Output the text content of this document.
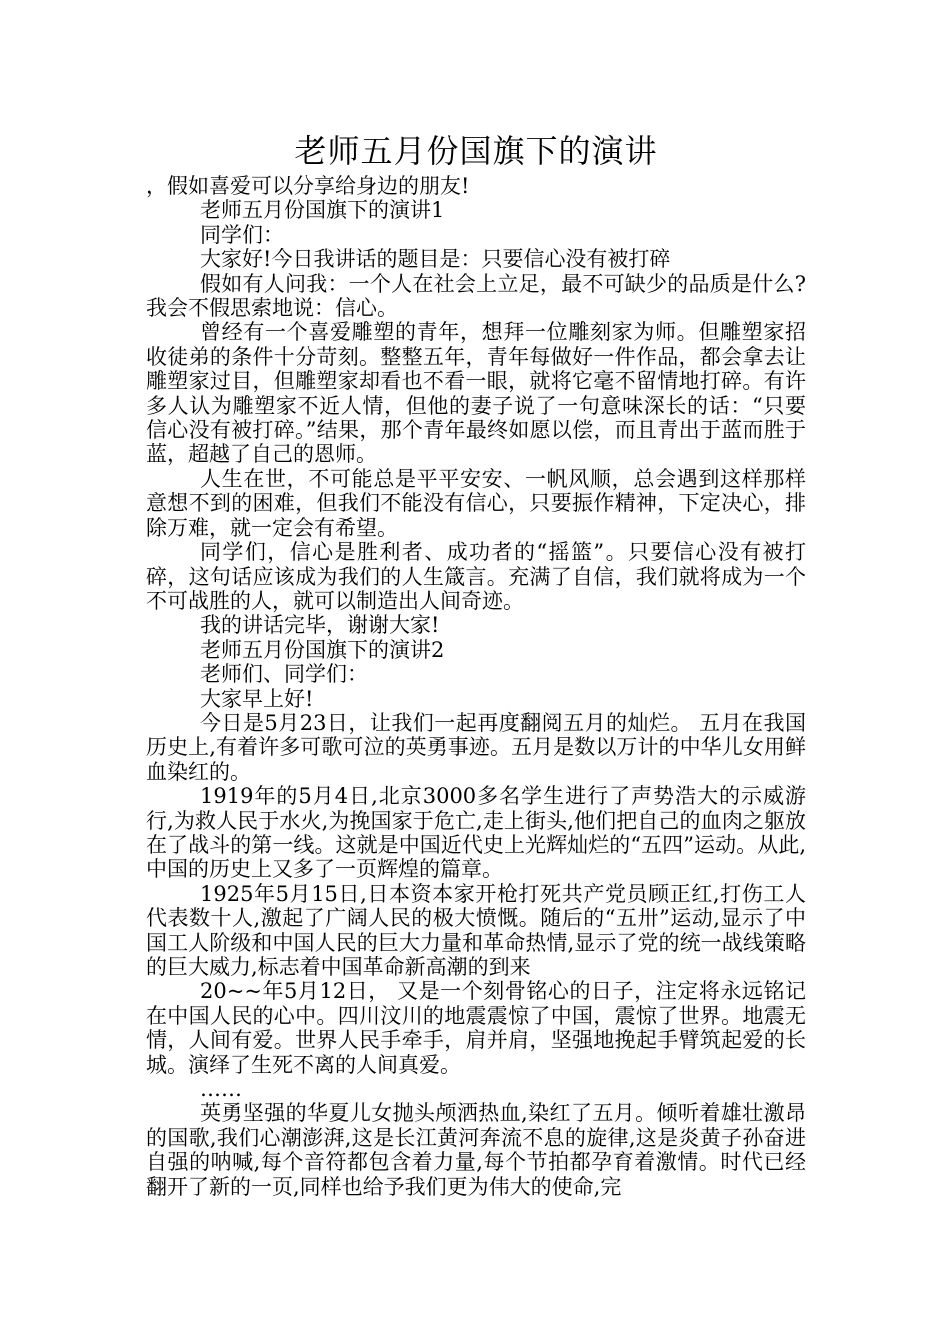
老师五月份国旗下的演讲

，假如喜爱可以分享给身边的朋友!

老师五月份国旗下的演讲1

同学们：

大家好!今日我讲话的题目是：只要信心没有被打碎

假如有人问我：一个人在社会上立足，最不可缺少的品质是什么?我会不假思索地说：信心。

曾经有一个喜爱雕塑的青年，想拜一位雕刻家为师。但雕塑家招收徒弟的条件十分苛刻。整整五年，青年每做好一件作品，都会拿去让雕塑家过目，但雕塑家却看也不看一眼，就将它毫不留情地打碎。有许多人认为雕塑家不近人情，但他的妻子说了一句意味深长的话：“只要信心没有被打碎。”结果，那个青年最终如愿以偿，而且青出于蓝而胜于蓝，超越了自己的恩师。

人生在世，不可能总是平平安安、一帆风顺，总会遇到这样那样意想不到的困难，但我们不能没有信心，只要振作精神，下定决心，排除万难，就一定会有希望。

同学们，信心是胜利者、成功者的“摇篮”。只要信心没有被打碎，这句话应该成为我们的人生箴言。充满了自信，我们就将成为一个不可战胜的人，就可以制造出人间奇迹。

我的讲话完毕，谢谢大家!

老师五月份国旗下的演讲2

老师们、同学们：

大家早上好!

今日是5月23日，让我们一起再度翻阅五月的灿烂。 五月在我国历史上,有着许多可歌可泣的英勇事迹。五月是数以万计的中华儿女用鲜血染红的。

1919年的5月4日,北京3000多名学生进行了声势浩大的示威游行,为救人民于水火,为挽国家于危亡,走上街头,他们把自己的血肉之躯放在了战斗的第一线。这就是中国近代史上光辉灿烂的“五四”运动。从此,中国的历史上又多了一页辉煌的篇章。

1925年5月15日,日本资本家开枪打死共产党员顾正红,打伤工人代表数十人,激起了广阔人民的极大愤慨。随后的“五卅”运动,显示了中国工人阶级和中国人民的巨大力量和革命热情,显示了党的统一战线策略的巨大威力,标志着中国革命新高潮的到来

20~~年5月12日， 又是一个刻骨铭心的日子，注定将永远铭记在中国人民的心中。四川汶川的地震震惊了中国，震惊了世界。地震无情，人间有爱。世界人民手牵手，肩并肩，坚强地挽起手臂筑起爱的长城。演绎了生死不离的人间真爱。

……

英勇坚强的华夏儿女抛头颅洒热血,染红了五月。倾听着雄壮激昂的国歌,我们心潮澎湃,这是长江黄河奔流不息的旋律,这是炎黄子孙奋进自强的呐喊,每个音符都包含着力量,每个节拍都孕育着激情。时代已经翻开了新的一页,同样也给予我们更为伟大的使命,完
